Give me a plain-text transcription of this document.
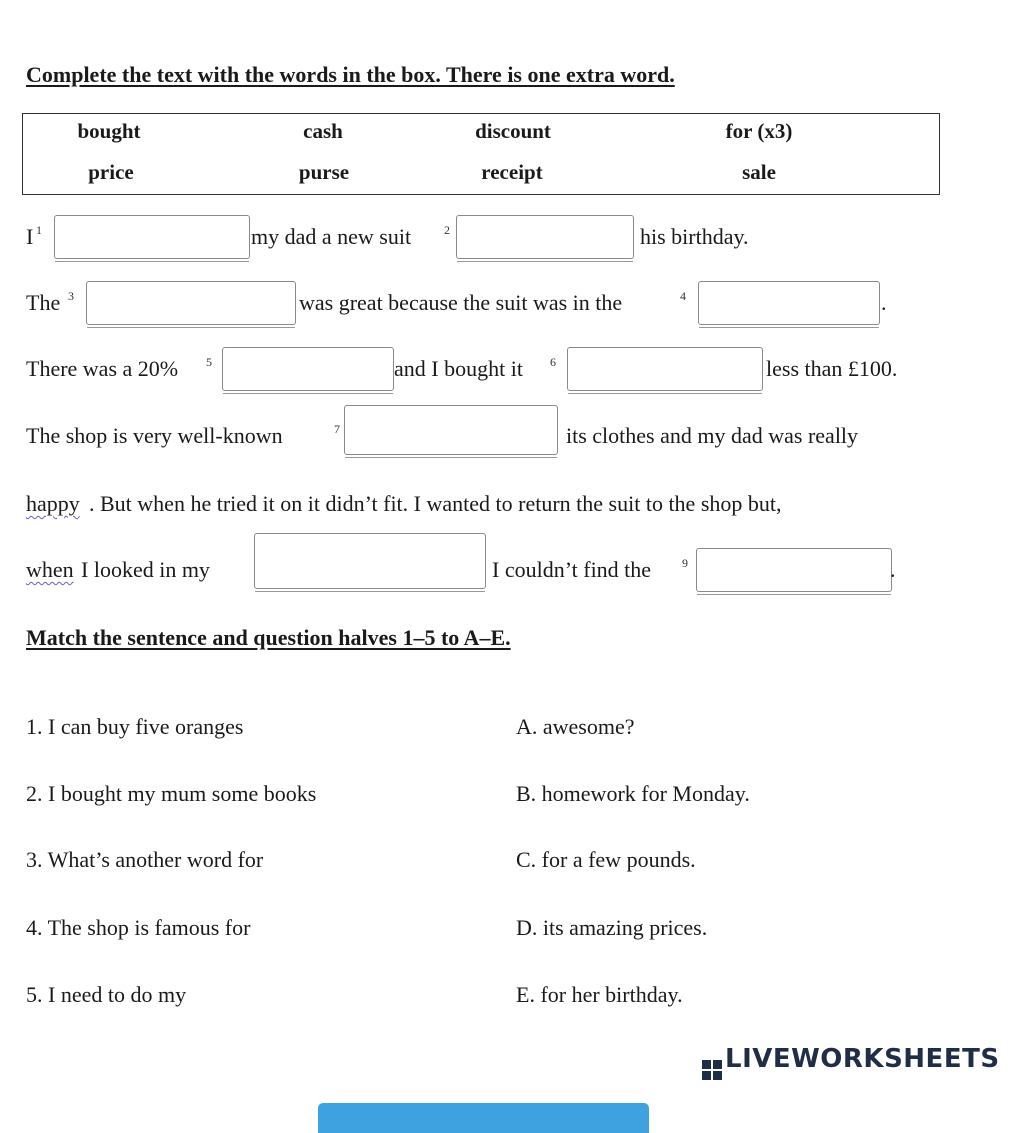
Complete the text with the words in the box. There is one extra word.
bought	cash	discount	for (x3)
price	purse	receipt	sale
I 1	my dad a new suit	2	his birthday.
The 3	was great because the suit was in the	4	.
There was a 20% 5	and I bought it 6	less than £100.
The shop is very well-known	7	its clothes and my dad was really
happy . But when he tried it on it didn’t fit. I wanted to return the suit to the shop but,
when I looked in my	I couldn’t find the	9	.
Match the sentence and question halves 1–5 to A–E.
1. I can buy five oranges	A. awesome?
2. I bought my mum some books	B. homework for Monday.
3. What’s another word for	C. for a few pounds.
4. The shop is famous for	D. its amazing prices.
5. I need to do my	E. for her birthday.
LIVEWORKSHEETS
